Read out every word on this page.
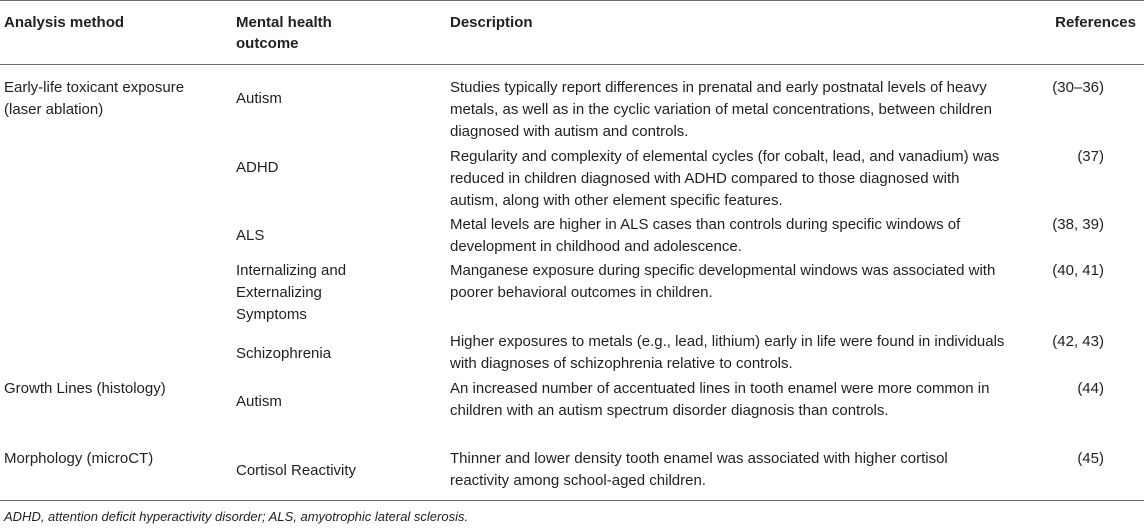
Analysis method	Mental health outcome
Description	References
Early-life toxicant exposure (laser ablation)
Autism
Studies typically report differences in prenatal and early postnatal levels of heavy metals, as well as in the cyclic variation of metal concentrations, between children diagnosed with autism and controls.
(30–36)
ADHD
Regularity and complexity of elemental cycles (for cobalt, lead, and vanadium) was reduced in children diagnosed with ADHD compared to those diagnosed with autism, along with other element specific features.
(37)
ALS
Metal levels are higher in ALS cases than controls during specific windows of development in childhood and adolescence.
(38, 39)
Internalizing and Externalizing Symptoms
Manganese exposure during specific developmental windows was associated with poorer behavioral outcomes in children.
(40, 41)
Schizophrenia
Higher exposures to metals (e.g., lead, lithium) early in life were found in individuals with diagnoses of schizophrenia relative to controls.
(42, 43)
Growth Lines (histology)
Autism
An increased number of accentuated lines in tooth enamel were more common in children with an autism spectrum disorder diagnosis than controls.
(44)
Morphology (microCT)
Cortisol Reactivity
Thinner and lower density tooth enamel was associated with higher cortisol reactivity among school-aged children.
(45)
ADHD, attention deficit hyperactivity disorder; ALS, amyotrophic lateral sclerosis.
